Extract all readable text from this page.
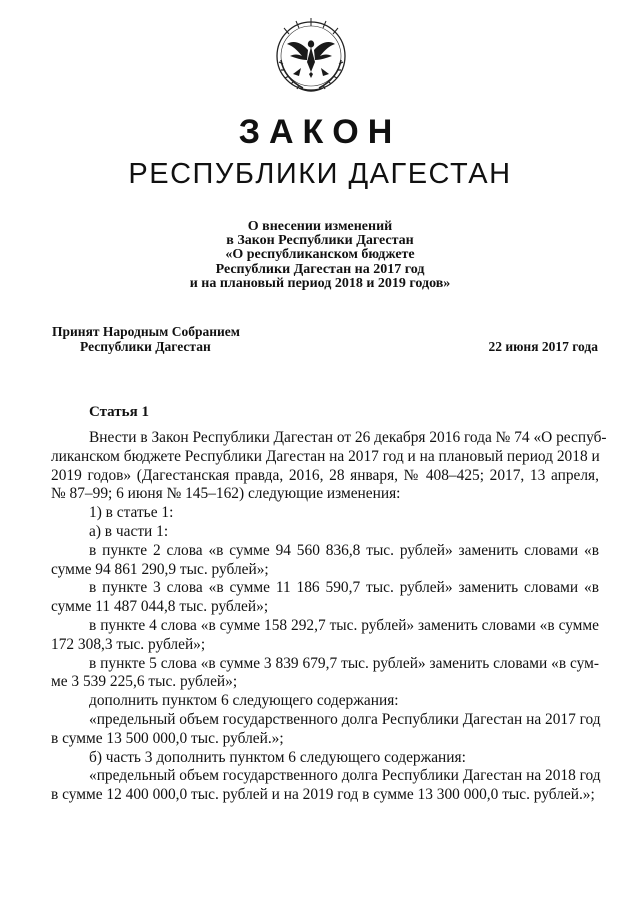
ЗАКОН
РЕСПУБЛИКИ ДАГЕСТАН
О внесении изменений
в Закон Республики Дагестан
«О республиканском бюджете
Республики Дагестан на 2017 год
и на плановый период 2018 и 2019 годов»
Принят Народным Собранием
Республики Дагестан	22 июня 2017 года
Статья 1
Внести в Закон Республики Дагестан от 26 декабря 2016 года № 74 «О респуб-
ликанском бюджете Республики Дагестан на 2017 год и на плановый период 2018 и
2019 годов» (Дагестанская правда, 2016, 28 января, № 408–425; 2017, 13 апреля,
№ 87–99; 6 июня № 145–162) следующие изменения:
1) в статье 1:
а) в части 1:
в пункте 2 слова «в сумме 94 560 836,8 тыс. рублей» заменить словами «в
сумме 94 861 290,9 тыс. рублей»;
в пункте 3 слова «в сумме 11 186 590,7 тыс. рублей» заменить словами «в
сумме 11 487 044,8 тыс. рублей»;
в пункте 4 слова «в сумме 158 292,7 тыс. рублей» заменить словами «в сумме
172 308,3 тыс. рублей»;
в пункте 5 слова «в сумме 3 839 679,7 тыс. рублей» заменить словами «в сум-
ме 3 539 225,6 тыс. рублей»;
дополнить пунктом 6 следующего содержания:
«предельный объем государственного долга Республики Дагестан на 2017 год
в сумме 13 500 000,0 тыс. рублей.»;
б) часть 3 дополнить пунктом 6 следующего содержания:
«предельный объем государственного долга Республики Дагестан на 2018 год
в сумме 12 400 000,0 тыс. рублей и на 2019 год в сумме 13 300 000,0 тыс. рублей.»;
